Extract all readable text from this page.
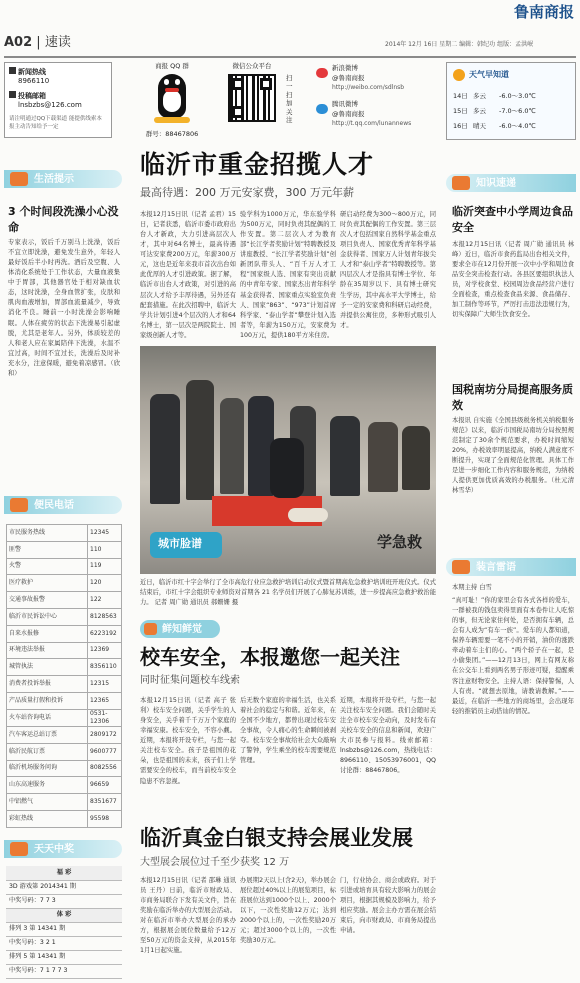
鲁南商报
A02 | 速读	2014年 12月 16日 星期二 编辑：韩纪功 组版：孟洪岷
新闻热线
8966110
投稿邮箱
lnsbzbs@126.com
请注明通过QQ下载渠道 能提供线索本报主动告知给予一定
商报 QQ 群
群号：88467806
微信公众平台
扫一扫加关注
新浪微博
@鲁南商报
http://weibo.com/sdlnsb
腾讯微博
@鲁南商报
http://t.qq.com/lunannews
天气早知道
14日 多云 -6.0～3.0℃
15日 多云 -7.0～6.0℃
16日 晴天 -6.0～4.0℃
生活提示
3 个时间段洗澡小心没命
专家表示，饭后千万别马上洗澡，饭后不宜立即洗澡，避免发生意外，年轻人最好饭后半小时再洗。酒后及空腹、人体消化系统处于工作状态，大量血液集中于胃部，其他器官处于相对缺血状态，这时洗澡，全身血管扩张，皮肤和肌肉血液增加，胃部血流量减少，导致消化不良。睡前一小时洗澡会影响睡眠。人体在疲劳的状态下洗澡易引起虚脱，尤其是老年人。另外，体质较差的人和老人应在家属陪伴下洗澡，水温不宜过高，时间不宜过长，洗澡后及时补充水分，注意保暖，避免着凉感冒。（欣和）
便民电话
市民服务热线	12345
匪警	110
火警	119
医疗救护	120
交通事故报警	122
临沂市民诉讼中心	8128563
自来水报修	6223192
环境违法举报	12369
城管执法	8356110
消费者投诉举报	12315
产品质量打假和投诉	12365
火车站咨询电话	0531-12306
汽车客运总站订票	2809172
临沂民航订票	9600777
临沂机场服务问询	8082556
山东高速服务	96659
中铝燃气	8351677
彩虹热线	95598
天天中奖
福 彩
3D 游戏第 2014341 期
中奖号码：7 7 3
体 彩
排列 3 第 14341 期
中奖号码：3 2 1
排列 5 第 14341 期
中奖号码：7 1 7 7 3
临沂市重金招揽人才
最高待遇：200 万元安家费，300 万元年薪
本报12月15日讯（记者 孟君）15日，记者获悉，临沂市委市政府出台人才新政，大力引进高层次人才，其中对64名博士，最高待遇可达安家费200万元，年薪300万元，这也是近年来我市首次出台如此优厚的人才引进政策。据了解，临沂市出台人才政策，对引进的高层次人才给予丰厚待遇，另外还有配套措施。在此次招聘中，临沂大学共计划引进4个层次的人才和64名博士，第一层次是两院院士、国家级创新人才等。
验学科为1000万元，华东验学科为500万元，同时负责其配偶的工作安置。第二层次人才为教育部“长江学者奖励计划”特聘教授及讲座教授、“长江学者奖励计划”创新团队带头人、“百千万人才工程”国家级人选、国家有突出贡献的中青年专家、国家杰出青年科学基金获得者、国家重点实验室负责人、国家“863”、“973”计划首席科学家、“泰山学者”攀登计划入选者等，年薪为150万元，安家费为100万元，提供180平方米住房。
研启动经费为300～800万元，同时负责其配偶的工作安置。第三层次人才包括国家自然科学基金重点项目负责人、国家优秀青年科学基金获得者、国家万人计划青年拔尖人才和“泰山学者”特聘教授等。第四层次人才是指具有博士学位、年龄在35周岁以下、具有博士研究生学历，其中高水平大学博士，给予一定的安家费和科研启动经费，并提供公寓住房，多种形式吸引人才。
城市脸谱	学急救
近日，临沂市红十字会举行了全市高危行业应急救护培训启动仪式暨首期高危急救护培训班开班仪式。仪式结束后，市红十字会组织专业师资对首期各 21 名学员们开展了心肺复苏训练，进一步提高应急救护救治能力。 记者 周广勋 通讯员 郝姗姗 摄
鲜知鲜觉
校车安全，本报邀您一起关注
同时征集问题校车线索
本报12月15日讯（记者 高子 张利）校车安全问题，关乎学生的人身安全，关乎着千千万万个家庭的幸福安康。校车安全，不容小觑。近期，本报将开设专栏，与您一起关注校车安全。孩子是祖国的花朵，也是祖国的未来，孩子们上学需要安全的校车，而当前校车安全隐患不容忽视。
后无数个家庭的幸福生活，也关系着社会的稳定与和谐。近年来，在全国不少地方，都曾出现过校车安全事故，令人痛心的生命瞬间被剥夺。校车安全事故给社会大众敲响了警钟，学生乘坐的校车需要规范管理。
近期，本报将开设专栏，与您一起关注校车安全问题。我们会随时关注全市校车安全动向，及时发布有关校车安全的信息和新闻，欢迎广大市民参与报料。线索邮箱：lnsbzbs@126.com，热线电话：8966110、15053976001，QQ 讨论群：88467806。
临沂真金白银支持会展业发展
大型展会展位过千至少获奖 12 万
本报12月15日讯（记者 邵琳 通讯员 王丹）日前，临沂市财政局、市商务局联合下发有关文件，旨在奖励在临沂举办的大型展会活动。对在临沂市举办大型展会的承办方，根据展会展位数量给予12万至50万元的资金支持，从2015年1月1日起实施。
办展期2天以上(含2天)，举办展会展位超过40%以上的展览项目，标准展位达到1000个以上、2000个以下，一次性奖励12万元；达到2000个以上的，一次性奖励20万元；超过3000个以上的，一次性奖励30万元。
门，行业协会、商会或政府。对于引进或培育具有较大影响力的展会项目，根据其规模及影响力，给予相应奖励。展会主办方需在展会结束后，向市财政局、市商务局提出申请。
知识速递
临沂突查中小学周边食品安全
本报12月15日讯（记者 周广勋 通讯员 林峰）近日，临沂市食药监局出台相关文件，要求全市在12月份开展一次中小学和周边食品安全突击检查行动。各县区要组织执法人员，对学校食堂、校园周边食品经营户进行全面检查，重点检查食品来源、食品储存、加工制作等环节，严厉打击违法违规行为，切实保障广大师生饮食安全。
国税南坊分局提高服务质效
本报讯 自实施《全国县级税务机关纳税服务规范》以来，临沂市国税局南坊分局按照规范制定了30余个规范要求，办税时间缩短20%，办税效率明显提高，纳税人满意度不断提升，实现了全面规范化管理。具体工作是进一步细化工作内容和服务规范，为纳税人提供更加优质高效的办税服务。（杜元清 林雪华）
装言雷语
本期主持 白雪
“真可耻！”你的家里会有各式各样的爱车，一群被我的钱包卖得里面有本卷件让人吃惊的事，但无论家住何处，是否拥有车辆，总会有人成为“有车一族”。爱车的人都知道，保养车辆需要一笔不小的开销，油价的涨跌牵动着车主们的心。“两个轿子在一起，是小偷集团。”——12月13日，网上有网友称在公交车上看到两名男子形迹可疑，提醒乘客注意财物安全。主持人语：保持警惕，人人有责。“就想去原地，请教请教解。”——最近，在临沂一些地方的商场里，会出现年轻的推销员主动搭讪的情况。
